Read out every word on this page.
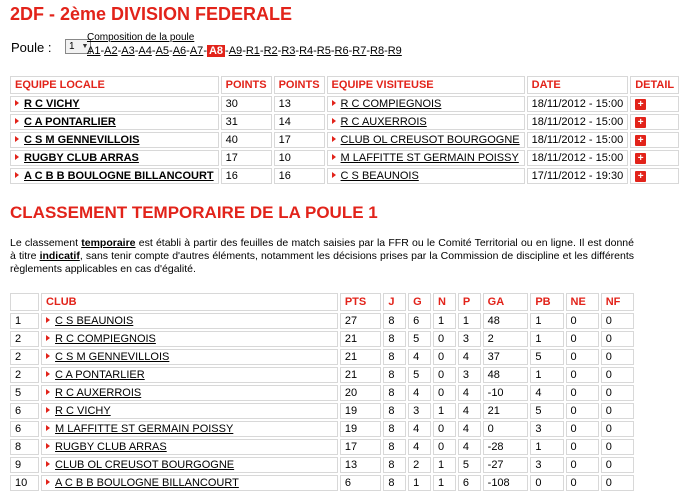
2DF - 2ème DIVISION FEDERALE
Poule :	1 ▼
Composition de la poule
A1-A2-A3-A4-A5-A6-A7- A8 -A9-R1-R2-R3-R4-R5-R6-R7-R8-R9
EQUIPE LOCALE	POINTS	POINTS	EQUIPE VISITEUSE	DATE	DETAIL
R C VICHY	30	13	R C COMPIEGNOIS	18/11/2012 - 15:00	+
C A PONTARLIER	31	14	R C AUXERROIS	18/11/2012 - 15:00	+
C S M GENNEVILLOIS	40	17	CLUB OL CREUSOT BOURGOGNE	18/11/2012 - 15:00	+
RUGBY CLUB ARRAS	17	10	M LAFFITTE ST GERMAIN POISSY	18/11/2012 - 15:00	+
A C B B BOULOGNE BILLANCOURT	16	16	C S BEAUNOIS	17/11/2012 - 19:30	+
CLASSEMENT TEMPORAIRE DE LA POULE 1
Le classement temporaire est établi à partir des feuilles de match saisies par la FFR ou le Comité Territorial ou en ligne. Il est donné à titre indicatif, sans tenir compte d'autres éléments, notamment les décisions prises par la Commission de discipline et les différents règlements applicables en cas d'égalité.
	CLUB	PTS	J	G	N	P	GA	PB	NE	NF
1	C S BEAUNOIS	27	8	6	1	1	48	1	0	0
2	R C COMPIEGNOIS	21	8	5	0	3	2	1	0	0
2	C S M GENNEVILLOIS	21	8	4	0	4	37	5	0	0
2	C A PONTARLIER	21	8	5	0	3	48	1	0	0
5	R C AUXERROIS	20	8	4	0	4	-10	4	0	0
6	R C VICHY	19	8	3	1	4	21	5	0	0
6	M LAFFITTE ST GERMAIN POISSY	19	8	4	0	4	0	3	0	0
8	RUGBY CLUB ARRAS	17	8	4	0	4	-28	1	0	0
9	CLUB OL CREUSOT BOURGOGNE	13	8	2	1	5	-27	3	0	0
10	A C B B BOULOGNE BILLANCOURT	6	8	1	1	6	-108	0	0	0
